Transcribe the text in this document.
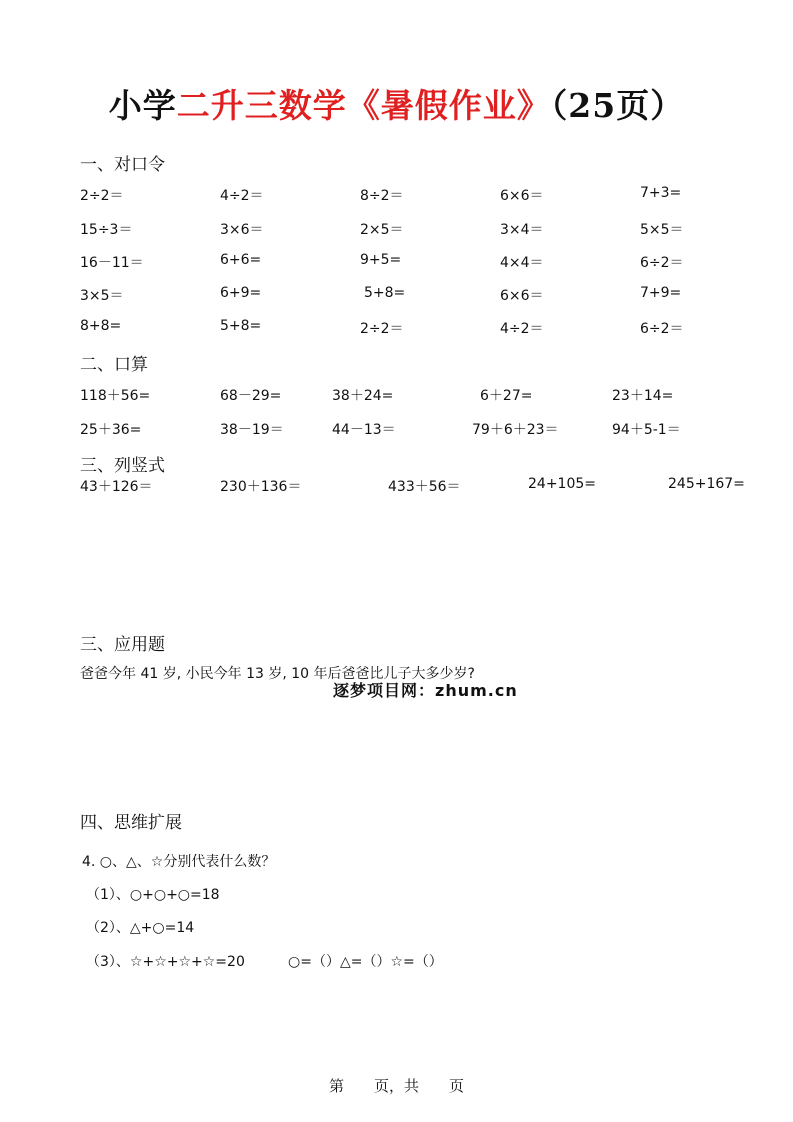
小学二升三数学《暑假作业》（25页）
一、对口令
2÷2＝	4÷2＝	8÷2＝	6×6＝	7+3=
15÷3＝	3×6＝	2×5＝	3×4＝	5×5＝
16－11＝	6+6=	9+5=	4×4＝	6÷2＝
3×5＝	6+9=	5+8=	6×6＝	7+9=
8+8=	5+8=	2÷2＝	4÷2＝	6÷2＝
二、口算
118＋56=	68－29=	38＋24=	6＋27=	23＋14=
25＋36=	38－19＝	44－13＝	79＋6＋23＝	94＋5-1＝
三、列竖式
43＋126＝	230＋136＝	433＋56＝	24+105=	245+167=
三、应用题
爸爸今年 41 岁, 小民今年 13 岁, 10 年后爸爸比儿子大多少岁?
逐梦项目网：zhum.cn
四、思维扩展
4. ○、△、☆分别代表什么数？
（1）、○+○+○=18
（2）、△+○=14
（3）、☆+☆+☆+☆=20	○=（）△=（）☆=（）
第　　页，共　　页
